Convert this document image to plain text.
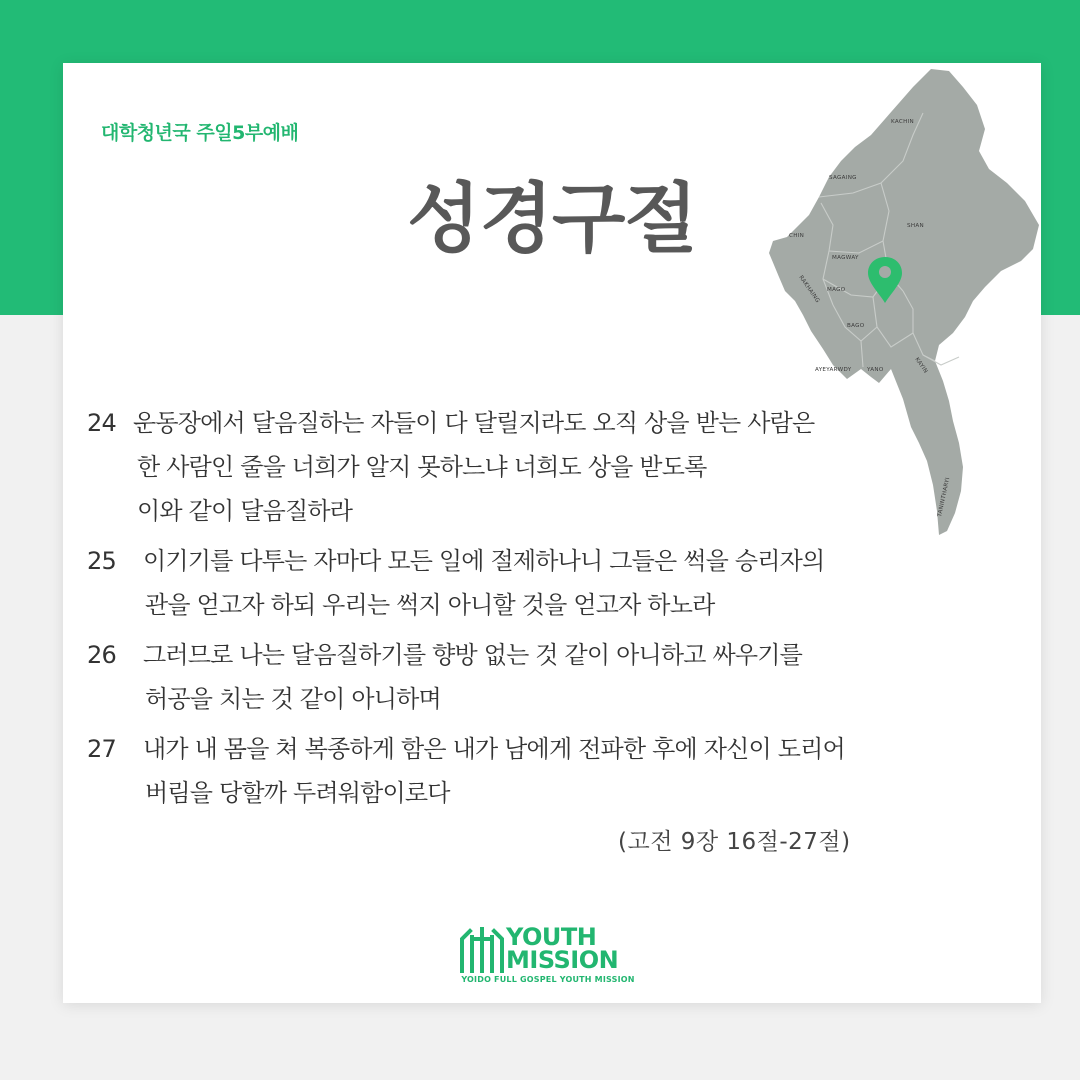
대학청년국 주일5부예배

성경구절
KACHIN
SAGAING
SHAN
CHIN
MAGWAY
MAGO
RAKHAING
BAGO
KAYIN
AYEYARWDY	YANO
TANINTHARYI
24 운동장에서 달음질하는 자들이 다 달릴지라도 오직 상을 받는 사람은
한 사람인 줄을 너희가 알지 못하느냐 너희도 상을 받도록
이와 같이 달음질하라
25	이기기를 다투는 자마다 모든 일에 절제하나니 그들은 썩을 승리자의
관을 얻고자 하되 우리는 썩지 아니할 것을 얻고자 하노라
26	그러므로 나는 달음질하기를 향방 없는 것 같이 아니하고 싸우기를
허공을 치는 것 같이 아니하며
27	내가 내 몸을 쳐 복종하게 함은 내가 남에게 전파한 후에 자신이 도리어
버림을 당할까 두려워함이로다
(고전 9장 16절-27절)
YOUTH
MISSION
YOIDO FULL GOSPEL YOUTH MISSION
